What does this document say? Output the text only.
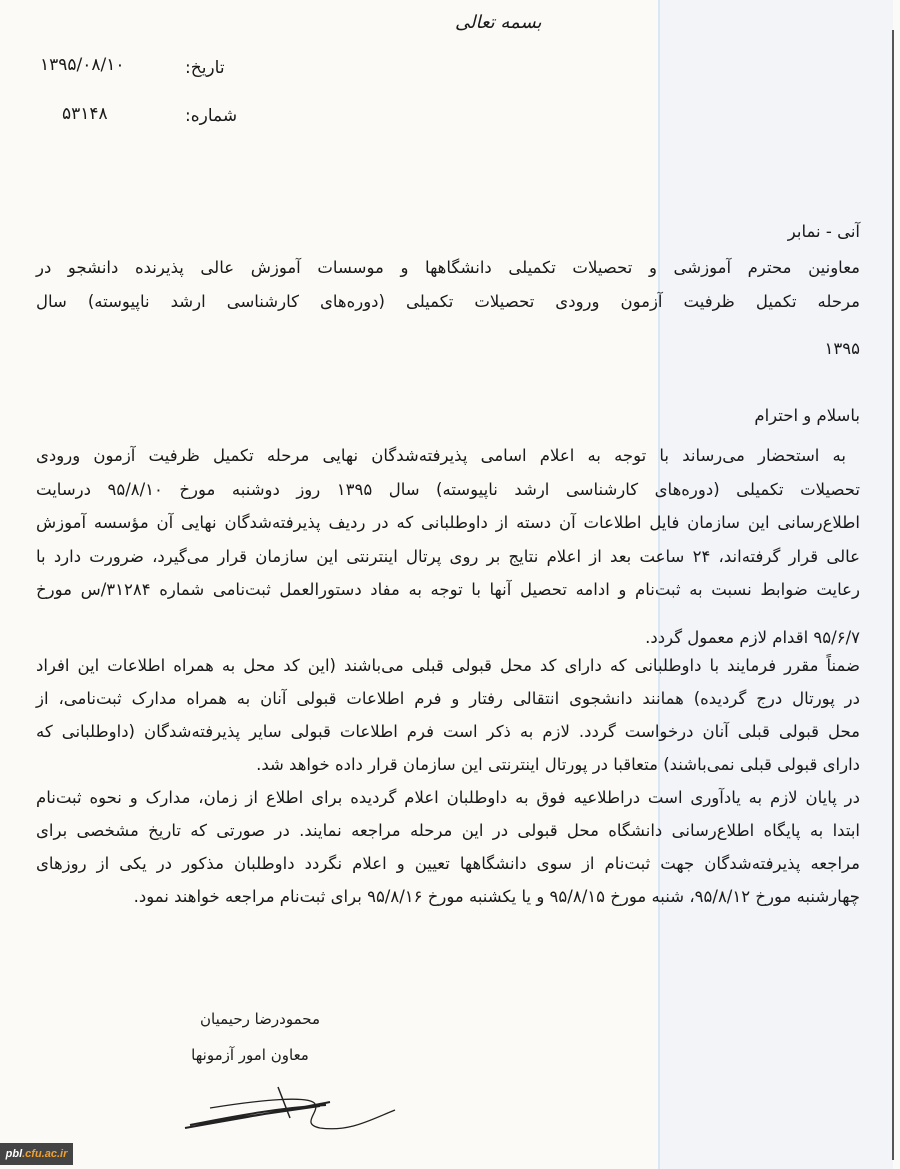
بسمه تعالی
تاریخ:
۱۳۹۵/۰۸/۱۰
شماره:
۵۳۱۴۸
آنی - نمابر
معاونین محترم آموزشی و تحصیلات تکمیلی دانشگاهها و موسسات آموزش عالی پذیرنده دانشجو در
مرحله تکمیل ظرفیت آزمون ورودی تحصیلات تکمیلی (دوره‌های کارشناسی ارشد ناپیوسته) سال
۱۳۹۵
باسلام و احترام
به استحضار می‌رساند با توجه به اعلام اسامی پذیرفته‌شدگان نهایی مرحله تکمیل ظرفیت آزمون ورودی
تحصیلات تکمیلی (دوره‌های کارشناسی ارشد ناپیوسته) سال ۱۳۹۵ روز دوشنبه مورخ ۹۵/۸/۱۰ درسایت
اطلاع‌رسانی این سازمان فایل اطلاعات آن دسته از داوطلبانی که در ردیف پذیرفته‌شدگان نهایی آن مؤسسه آموزش
عالی قرار گرفته‌اند، ۲۴ ساعت بعد از اعلام نتایج بر روی پرتال اینترنتی این سازمان قرار می‌گیرد، ضرورت دارد با
رعایت ضوابط نسبت به ثبت‌نام و ادامه تحصیل آنها با توجه به مفاد دستورالعمل ثبت‌نامی شماره ۳۱۲۸۴/س مورخ
۹۵/۶/۷ اقدام لازم معمول گردد.
ضمناً مقرر فرمایند با داوطلبانی که دارای کد محل قبولی قبلی می‌باشند (این کد محل به همراه اطلاعات این افراد
در پورتال درج گردیده) همانند دانشجوی انتقالی رفتار و فرم اطلاعات قبولی آنان به همراه مدارک ثبت‌نامی، از
محل قبولی قبلی آنان درخواست گردد. لازم به ذکر است فرم اطلاعات قبولی سایر پذیرفته‌شدگان (داوطلبانی که
دارای قبولی قبلی نمی‌باشند) متعاقبا در پورتال اینترنتی این سازمان قرار داده خواهد شد.
در پایان لازم به یادآوری است دراطلاعیه فوق به داوطلبان اعلام گردیده برای اطلاع از زمان، مدارک و نحوه ثبت‌نام
ابتدا به پایگاه اطلاع‌رسانی دانشگاه محل قبولی در این مرحله مراجعه نمایند. در صورتی که تاریخ مشخصی برای
مراجعه پذیرفته‌شدگان جهت ثبت‌نام از سوی دانشگاهها تعیین و اعلام نگردد داوطلبان مذکور در یکی از روزهای
چهارشنبه مورخ ۹۵/۸/۱۲، شنبه مورخ ۹۵/۸/۱۵ و یا یکشنبه مورخ ۹۵/۸/۱۶ برای ثبت‌نام مراجعه خواهند نمود.
محمودرضا رحیمیان
معاون امور آزمونها
pbl.cfu.ac.ir
